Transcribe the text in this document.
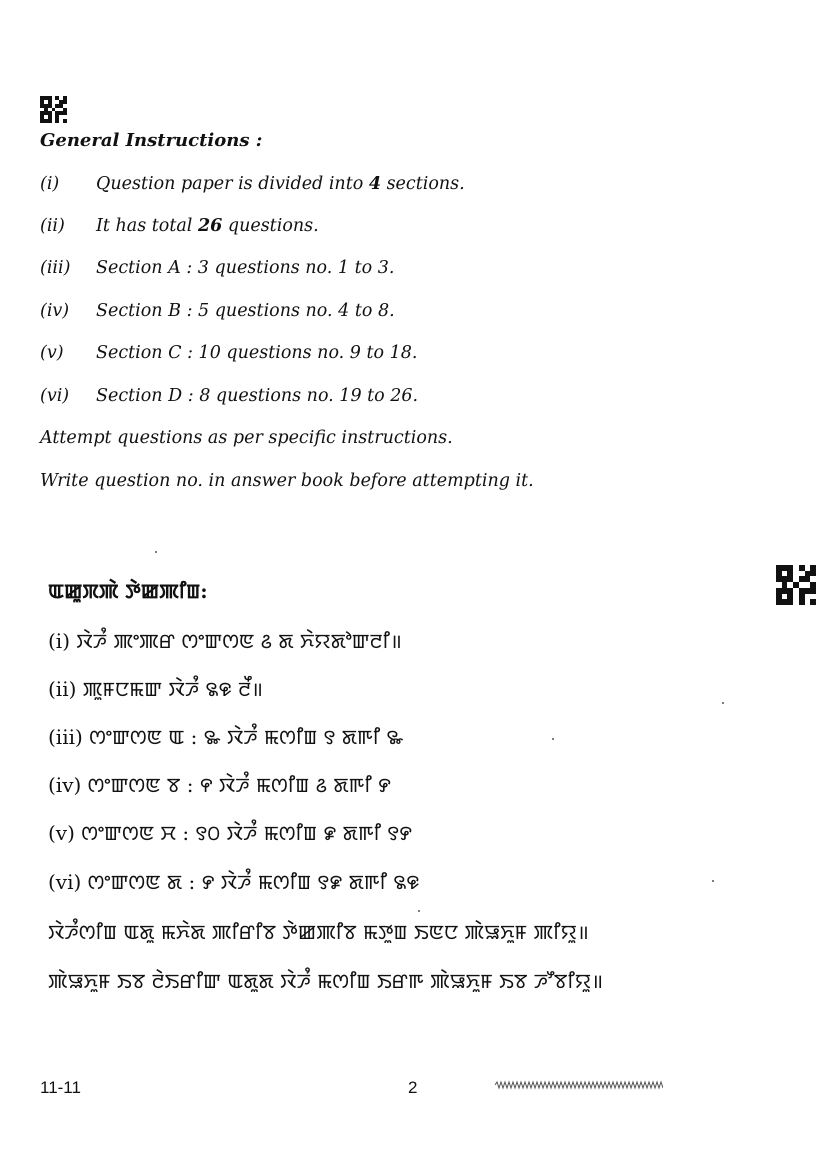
General Instructions :
(i) Question paper is divided into 4 sections.
(ii) It has total 26 questions.
(iii) Section A : 3 questions no. 1 to 3.
(iv) Section B : 5 questions no. 4 to 8.
(v) Section C : 10 questions no. 9 to 18.
(vi) Section D : 8 questions no. 19 to 26.
Attempt questions as per specific instructions.
Write question no. in answer book before attempting it.
ꯑꯀꯨꯞꯄꯥ ꯇꯥꯀꯄꯤꯡ:
(i) ꯋꯥꯍꯪ ꯄꯦꯄꯔ ꯁꯦꯛꯁꯟ ꯴ ꯗ ꯈꯥꯌꯗꯣꯛꯂꯤ॥
(ii) ꯄꯨꯝꯅꯃꯛ ꯋꯥꯍꯪ ꯲꯶ ꯂꯩ॥
(iii) ꯁꯦꯛꯁꯟ ꯑ : ꯳ ꯋꯥꯍꯪ ꯃꯁꯤꯡ ꯱ ꯗꯒꯤ ꯳
(iv) ꯁꯦꯛꯁꯟ ꯕ : ꯵ ꯋꯥꯍꯪ ꯃꯁꯤꯡ ꯴ ꯗꯒꯤ ꯸
(v) ꯁꯦꯛꯁꯟ ꯆ : ꯱꯰ ꯋꯥꯍꯪ ꯃꯁꯤꯡ ꯹ ꯗꯒꯤ ꯱꯸
(vi) ꯁꯦꯛꯁꯟ ꯗ : ꯸ ꯋꯥꯍꯪ ꯃꯁꯤꯡ ꯱꯹ ꯗꯒꯤ ꯲꯶
ꯋꯥꯍꯪꯁꯤꯡ ꯑꯗꯨ ꯃꯈꯥꯗ ꯄꯤꯔꯤꯕ ꯇꯥꯀꯄꯤꯕ ꯃꯇꯨꯡ ꯏꯟꯅ ꯄꯥꯎꯈꯨꯝ ꯄꯤꯌꯨ॥
ꯄꯥꯎꯈꯨꯝ ꯏꯕ ꯂꯥꯏꯔꯤꯛ ꯑꯗꯨꯗ ꯋꯥꯍꯪ ꯃꯁꯤꯡ ꯏꯔꯒ ꯄꯥꯎꯈꯨꯝ ꯏꯕ ꯍꯧꯕꯤꯌꯨ॥
11-11	2
